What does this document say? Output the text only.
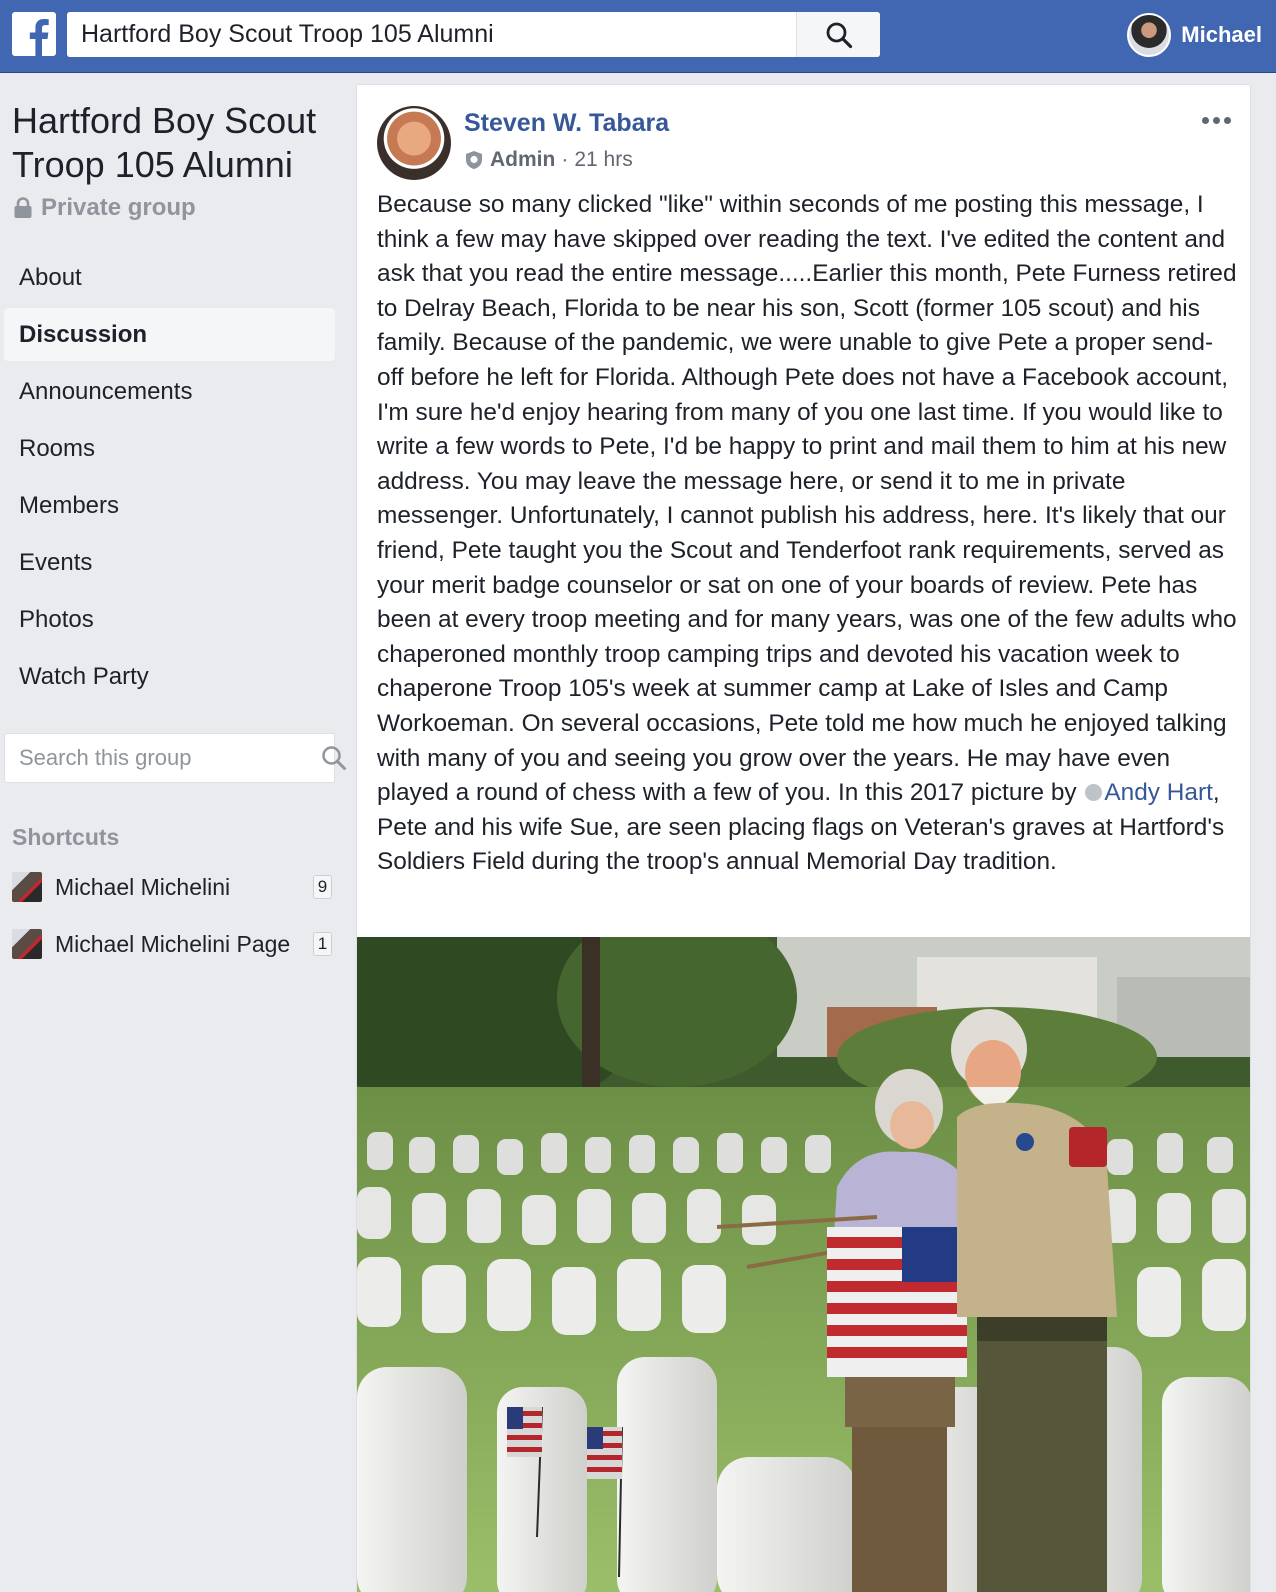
Hartford Boy Scout Troop 105 Alumni
Michael
Hartford Boy Scout Troop 105 Alumni
Private group
About
Discussion
Announcements
Rooms
Members
Events
Photos
Watch Party
Search this group
Shortcuts
Michael Michelini	9
Michael Michelini Page	1
Steven W. Tabara
Admin · 21 hrs
Because so many clicked "like" within seconds of me posting this message, I think a few may have skipped over reading the text. I've edited the content and ask that you read the entire message.....Earlier this month, Pete Furness retired to Delray Beach, Florida to be near his son, Scott (former 105 scout) and his family. Because of the pandemic, we were unable to give Pete a proper send-off before he left for Florida. Although Pete does not have a Facebook account, I'm sure he'd enjoy hearing from many of you one last time. If you would like to write a few words to Pete, I'd be happy to print and mail them to him at his new address. You may leave the message here, or send it to me in private messenger. Unfortunately, I cannot publish his address, here. It's likely that our friend, Pete taught you the Scout and Tenderfoot rank requirements, served as your merit badge counselor or sat on one of your boards of review. Pete has been at every troop meeting and for many years, was one of the few adults who chaperoned monthly troop camping trips and devoted his vacation week to chaperone Troop 105's week at summer camp at Lake of Isles and Camp Workoeman. On several occasions, Pete told me how much he enjoyed talking with many of you and seeing you grow over the years. He may have even played a round of chess with a few of you. In this 2017 picture by Andy Hart, Pete and his wife Sue, are seen placing flags on Veteran's graves at Hartford's Soldiers Field during the troop's annual Memorial Day tradition.
